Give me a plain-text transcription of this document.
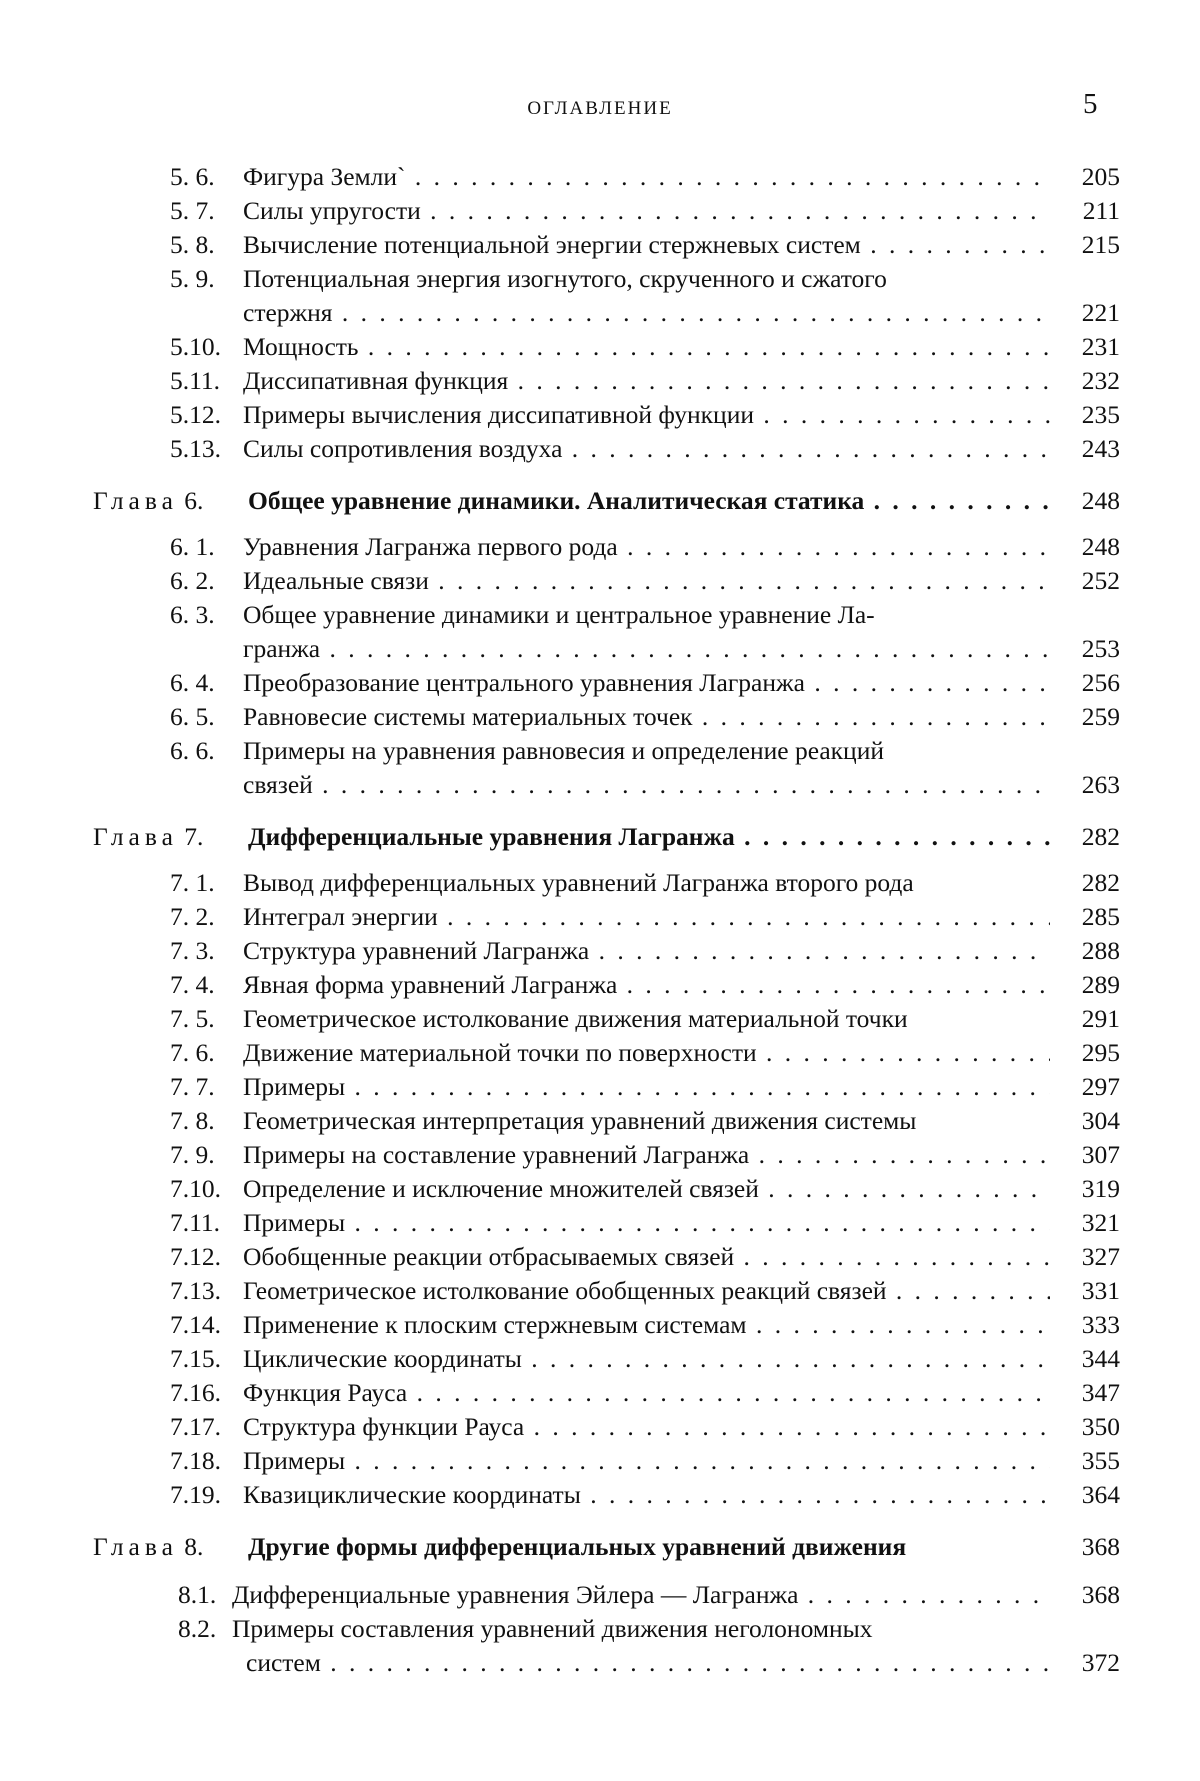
ОГЛАВЛЕНИЕ	5
5. 6. Фигура Земли` . . .	205
5. 7. Силы упругости . . .	211
5. 8. Вычисление потенциальной энергии стержневых систем . . .	215
5. 9. Потенциальная энергия изогнутого, скрученного и сжатого
стержня . . .	221
5.10. Мощность . . .	231
5.11. Диссипативная функция . . .	232
5.12. Примеры вычисления диссипативной функции . . .	235
5.13. Силы сопротивления воздуха . . .	243
Глава 6. Общее уравнение динамики. Аналитическая статика . . .	248
6. 1. Уравнения Лагранжа первого рода . . .	248
6. 2. Идеальные связи . . .	252
6. 3. Общее уравнение динамики и центральное уравнение Ла-
гранжа . . .	253
6. 4. Преобразование центрального уравнения Лагранжа . . .	256
6. 5. Равновесие системы материальных точек . . .	259
6. 6. Примеры на уравнения равновесия и определение реакций
связей . . .	263
Глава 7. Дифференциальные уравнения Лагранжа . . .	282
7. 1. Вывод дифференциальных уравнений Лагранжа второго рода	282
7. 2. Интеграл энергии . . .	285
7. 3. Структура уравнений Лагранжа . . .	288
7. 4. Явная форма уравнений Лагранжа . . .	289
7. 5. Геометрическое истолкование движения материальной точки	291
7. 6. Движение материальной точки по поверхности . . .	295
7. 7. Примеры . . .	297
7. 8. Геометрическая интерпретация уравнений движения системы	304
7. 9. Примеры на составление уравнений Лагранжа . . .	307
7.10. Определение и исключение множителей связей . . .	319
7.11. Примеры . . .	321
7.12. Обобщенные реакции отбрасываемых связей . . .	327
7.13. Геометрическое истолкование обобщенных реакций связей . . .	331
7.14. Применение к плоским стержневым системам . . .	333
7.15. Циклические координаты . . .	344
7.16. Функция Рауса . . .	347
7.17. Структура функции Рауса . . .	350
7.18. Примеры . . .	355
7.19. Квазициклические координаты . . .	364
Глава 8. Другие формы дифференциальных уравнений движения	368
8.1. Дифференциальные уравнения Эйлера — Лагранжа . . .	368
8.2. Примеры составления уравнений движения неголономных
систем . . .	372
